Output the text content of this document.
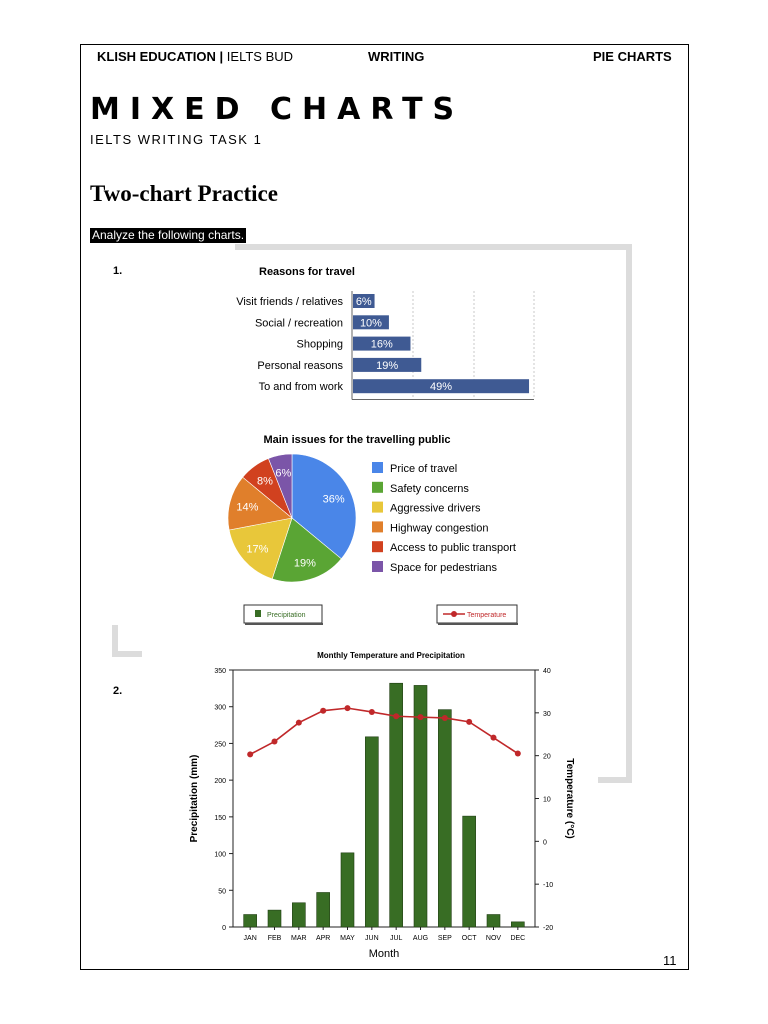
KLISH EDUCATION | IELTS BUD	WRITING	PIE CHARTS
MIXED CHARTS
IELTS WRITING TASK 1
Two-chart Practice
Analyze the following charts.
1.
2.
Reasons for travel
Visit friends / relatives 6%
Social / recreation 10%
Shopping	16%
Personal reasons	19%
To and from work	49%
Main issues for the travelling public
36%
19%
17%
14%
8%
6%	Price of travel
Safety concerns
Aggressive drivers
Highway congestion
Access to public transport
Space for pedestrians
Precipitation	Temperature
Monthly Temperature and Precipitation
0
50
100
150
200
250
300
350
-20
-10
0
10
20
30
40
JAN FEB MAR APR MAY JUN JUL AUG SEP OCT NOV DEC
Month
Precipitation (mm)	Temperature (°C)
11
